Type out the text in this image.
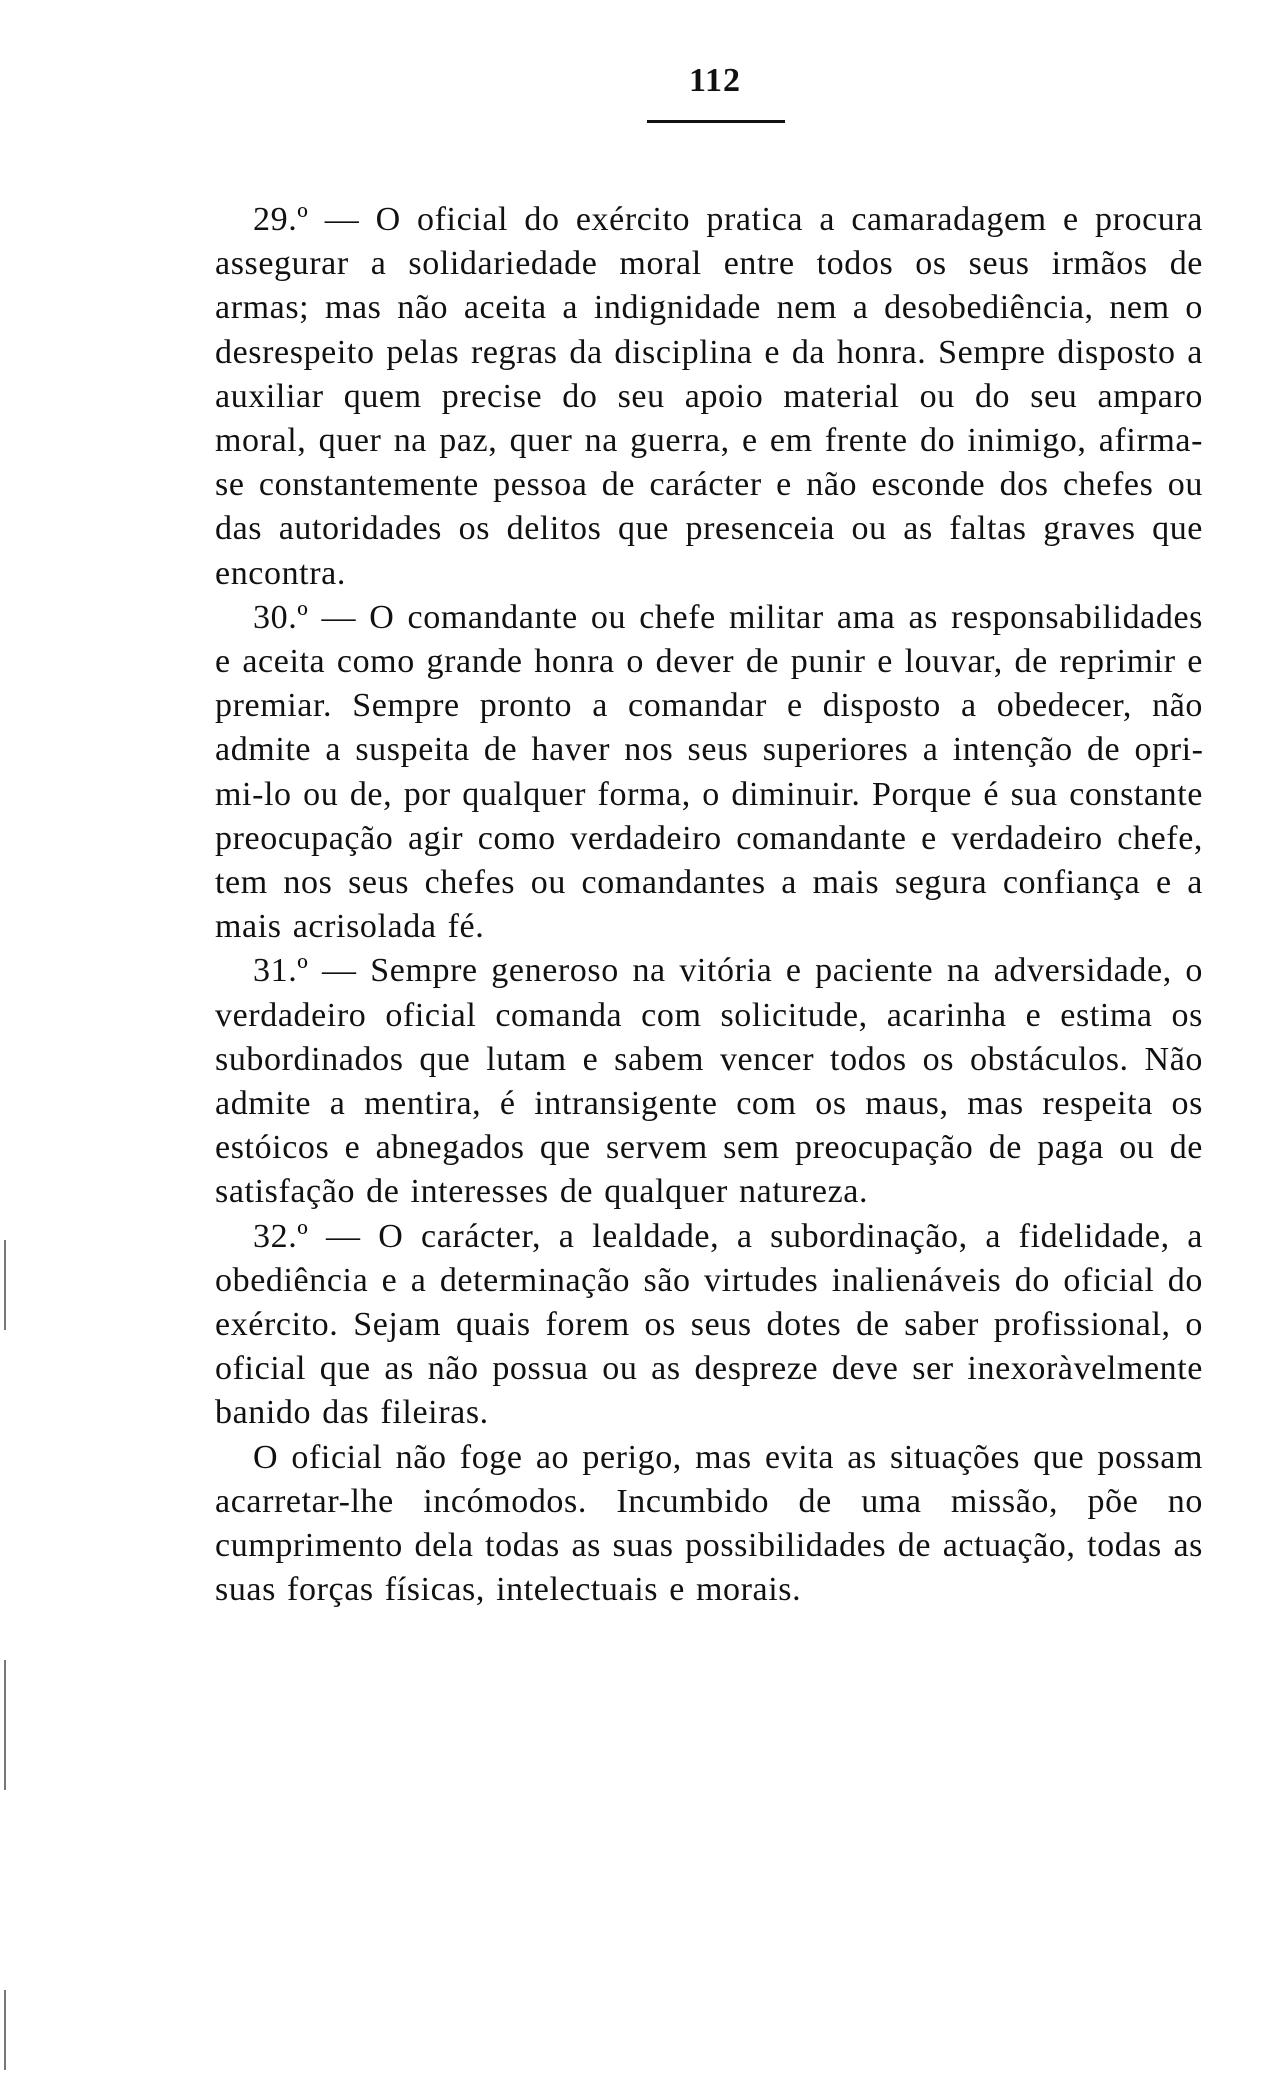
112

29.º — O oficial do exército pratica a camaradagem e procura assegurar a solidariedade moral entre todos os seus irmãos de armas; mas não aceita a indignidade nem a desobediência, nem o desrespeito pelas regras da disciplina e da honra. Sempre disposto a auxiliar quem precise do seu apoio material ou do seu amparo moral, quer na paz, quer na guerra, e em frente do inimigo, afirma-se constantemente pessoa de carácter e não esconde dos chefes ou das autoridades os delitos que presenceia ou as faltas graves que encontra.

30.º — O comandante ou chefe militar ama as responsabilidades e aceita como grande honra o dever de punir e louvar, de reprimir e premiar. Sempre pronto a comandar e disposto a obedecer, não admite a suspeita de haver nos seus superiores a intenção de oprimi-lo ou de, por qualquer forma, o diminuir. Porque é sua constante preocupação agir como verdadeiro comandante e verdadeiro chefe, tem nos seus chefes ou comandantes a mais segura confiança e a mais acrisolada fé.

31.º — Sempre generoso na vitória e paciente na adversidade, o verdadeiro oficial comanda com solicitude, acarinha e estima os subordinados que lutam e sabem vencer todos os obstáculos. Não admite a mentira, é intransigente com os maus, mas respeita os estóicos e abnegados que servem sem preocupação de paga ou de satisfação de interesses de qualquer natureza.

32.º — O carácter, a lealdade, a subordinação, a fidelidade, a obediência e a determinação são virtudes inalienáveis do oficial do exército. Sejam quais forem os seus dotes de saber profissional, o oficial que as não possua ou as despreze deve ser inexoràvelmente banido das fileiras.

O oficial não foge ao perigo, mas evita as situações que possam acarretar-lhe incómodos. Incumbido de uma missão, põe no cumprimento dela todas as suas possibilidades de actuação, todas as suas forças físicas, intelectuais e morais.
